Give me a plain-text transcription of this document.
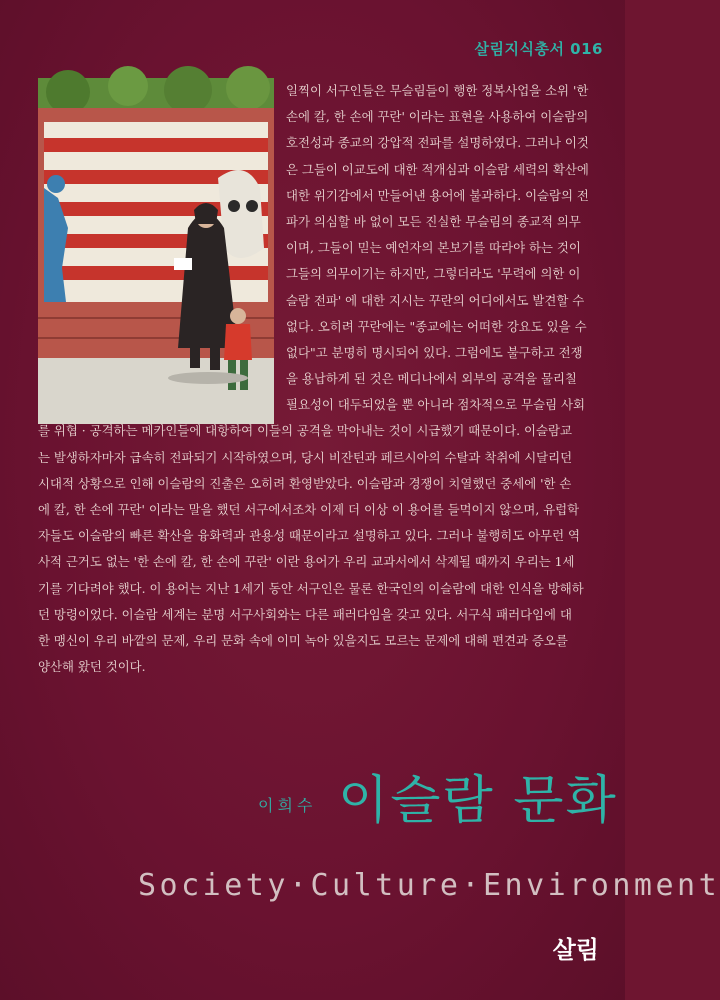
살림지식총서 016
일찍이 서구인들은 무슬림들이 행한 정복사업을 소위 '한
손에 칼, 한 손에 꾸란' 이라는 표현을 사용하여 이슬람의
호전성과 종교의 강압적 전파를 설명하였다. 그러나 이것
은 그들이 이교도에 대한 적개심과 이슬람 세력의 확산에
대한 위기감에서 만들어낸 용어에 불과하다. 이슬람의 전
파가 의심할 바 없이 모든 진실한 무슬림의 종교적 의무
이며, 그들이 믿는 예언자의 본보기를 따라야 하는 것이
그들의 의무이기는 하지만, 그렇더라도 '무력에 의한 이
슬람 전파' 에 대한 지시는 꾸란의 어디에서도 발견할 수
없다. 오히려 꾸란에는 "종교에는 어떠한 강요도 있을 수
없다"고 분명히 명시되어 있다. 그럼에도 불구하고 전쟁
을 용납하게 된 것은 메디나에서 외부의 공격을 물리칠
필요성이 대두되었을 뿐 아니라 점차적으로 무슬림 사회
를 위협 · 공격하는 메카인들에 대항하여 이들의 공격을 막아내는 것이 시급했기 때문이다. 이슬람교
는 발생하자마자 급속히 전파되기 시작하였으며, 당시 비잔틴과 페르시아의 수탈과 착취에 시달리던
시대적 상황으로 인해 이슬람의 진출은 오히려 환영받았다. 이슬람과 경쟁이 치열했던 중세에 '한 손
에 칼, 한 손에 꾸란' 이라는 말을 했던 서구에서조차 이제 더 이상 이 용어를 들먹이지 않으며, 유럽학
자들도 이슬람의 빠른 확산을 융화력과 관용성 때문이라고 설명하고 있다. 그러나 불행히도 아무런 역
사적 근거도 없는 '한 손에 칼, 한 손에 꾸란' 이란 용어가 우리 교과서에서 삭제될 때까지 우리는 1세
기를 기다려야 했다. 이 용어는 지난 1세기 동안 서구인은 물론 한국인의 이슬람에 대한 인식을 방해하
던 망령이었다. 이슬람 세계는 분명 서구사회와는 다른 패러다임을 갖고 있다. 서구식 패러다임에 대
한 맹신이 우리 바깥의 문제, 우리 문화 속에 이미 녹아 있을지도 모르는 문제에 대해 편견과 증오를
양산해 왔던 것이다.
이희수 이슬람 문화
Society·Culture·Environment
살림
